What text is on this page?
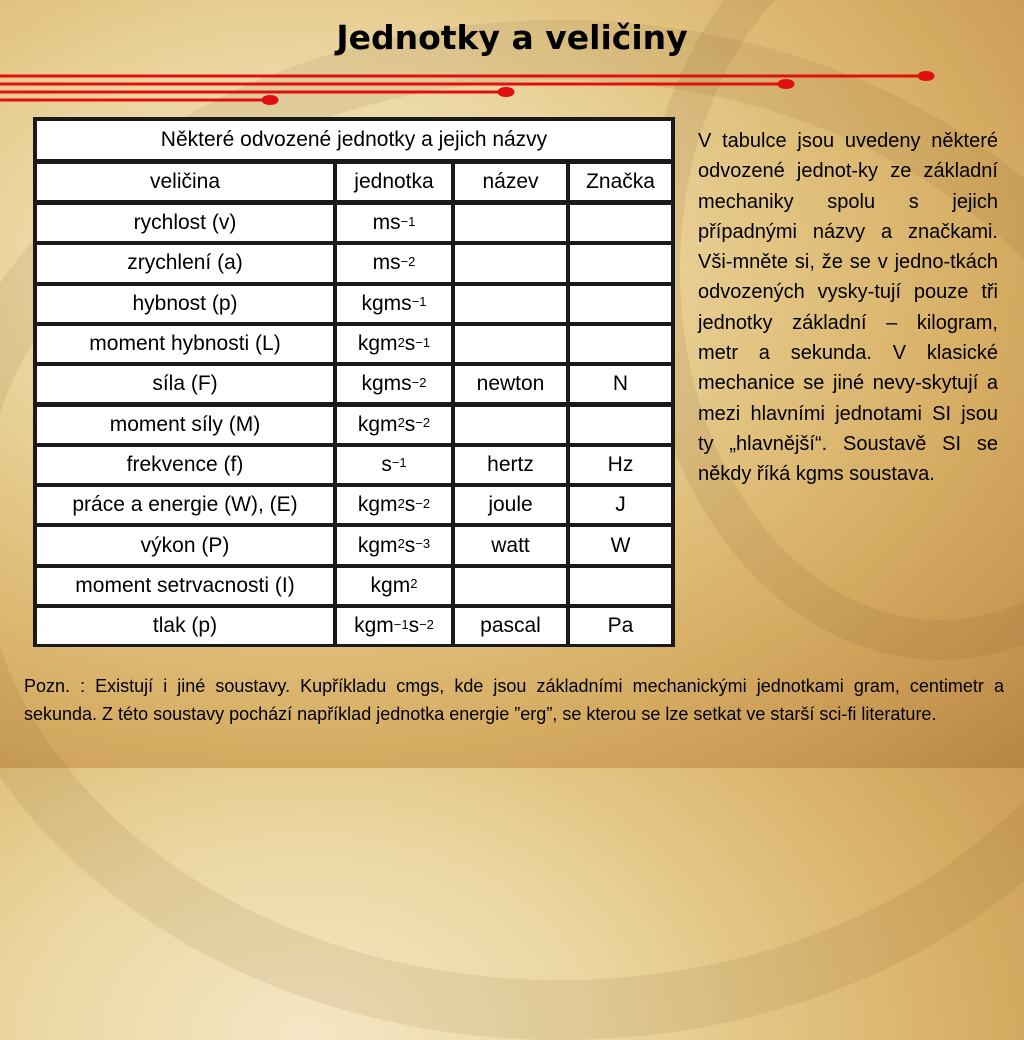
Jednotky a veličiny
Některé odvozené jednotky a jejich názvy
veličina	jednotka	název	Značka
rychlost (v)	$ms^{-1}$
zrychlení (a)	$ms^{-2}$
hybnost (p)	kgms$^{-1}$
moment hybnosti (L)	kgm$^2$ $s^{-1}$
síla (F)	kgms$^{-2}$	newton	N
moment síly (M)	kgm$^2$ $s^{-2}$
frekvence (f)	$s^{-1}$	hertz	Hz
práce a energie (W), (E)	kgm$^2$ $s^{-2}$	joule	J
výkon (P)	kgm$^2$ $s^{-3}$	watt	W
moment setrvacnosti (I)	kgm$^2$
tlak (p)	kgm$^{-1}$ $s^{-2}$	pascal	Pa
V tabulce jsou uvedeny některé odvozené jednot-ky ze základní mechaniky spolu s jejich případnými názvy a značkami. Vši-mněte si, že se v jedno-tkách odvozených vysky-tují pouze tři jednotky základní – kilogram, metr a sekunda. V klasické mechanice se jiné nevy-skytují a mezi hlavními jednotami SI jsou ty „hlavnější“. Soustavě SI se někdy říká kgms soustava.
Pozn. : Existují i jiné soustavy. Kupříkladu cmgs, kde jsou základními mechanickými jednotkami gram, centimetr a sekunda. Z této soustavy pochází například jednotka energie ”erg”, se kterou se lze setkat ve starší sci-fi literature.
